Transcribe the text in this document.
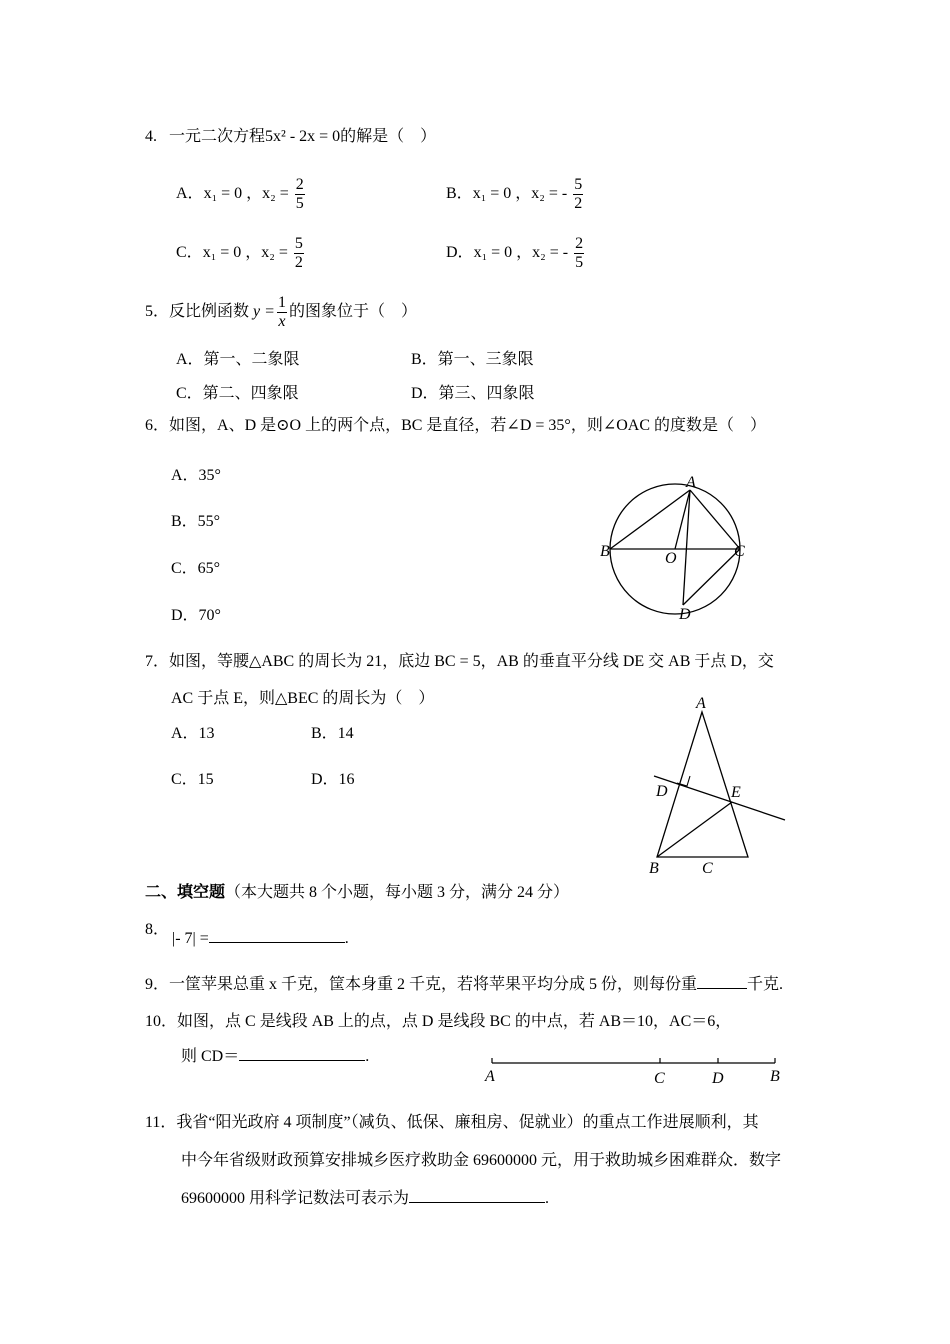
4. 一元二次方程5x² - 2x = 0的解是（　）
A．x₁ = 0 ，$x_2 = \frac{2}{5}$	B．x₁ = 0 ，x₂ = - $\frac{5}{2}$
C．x₁ = 0 ，$x_2 = \frac{5}{2}$	D．x₁ = 0 ，x₂ = - $\frac{2}{5}$
5．反比例函数 $y = \frac{1}{x}$ 的图象位于（　）
A．第一、二象限	B．第一、三象限
C．第二、四象限	D．第三、四象限
6．如图，A、D 是⊙O 上的两个点，BC 是直径，若∠D = 35°，则∠OAC 的度数是（　）
A．35°
B．55°
C．65°
D．70°
A
B	C
O
D
7．如图，等腰△ABC 的周长为 21，底边 BC = 5，AB 的垂直平分线 DE 交 AB 于点 D，交
AC 于点 E，则△BEC 的周长为（　）
A．13	B．14
C．15	D．16
A
B	C
D	E
二、填空题（本大题共 8 个小题，每小题 3 分，满分 24 分）
8．
|- 7| =	.
9．一筐苹果总重 x 千克，筐本身重 2 千克，若将苹果平均分成 5 份，则每份重	千克.
10．如图，点 C 是线段 AB 上的点，点 D 是线段 BC 的中点，若 AB＝10，AC＝6，
则 CD＝	.
A	C	D	B
11．我省“阳光政府 4 项制度”（减负、低保、廉租房、促就业）的重点工作进展顺利，其
中今年省级财政预算安排城乡医疗救助金 69600000 元，用于救助城乡困难群众．数字
69600000 用科学记数法可表示为	.
